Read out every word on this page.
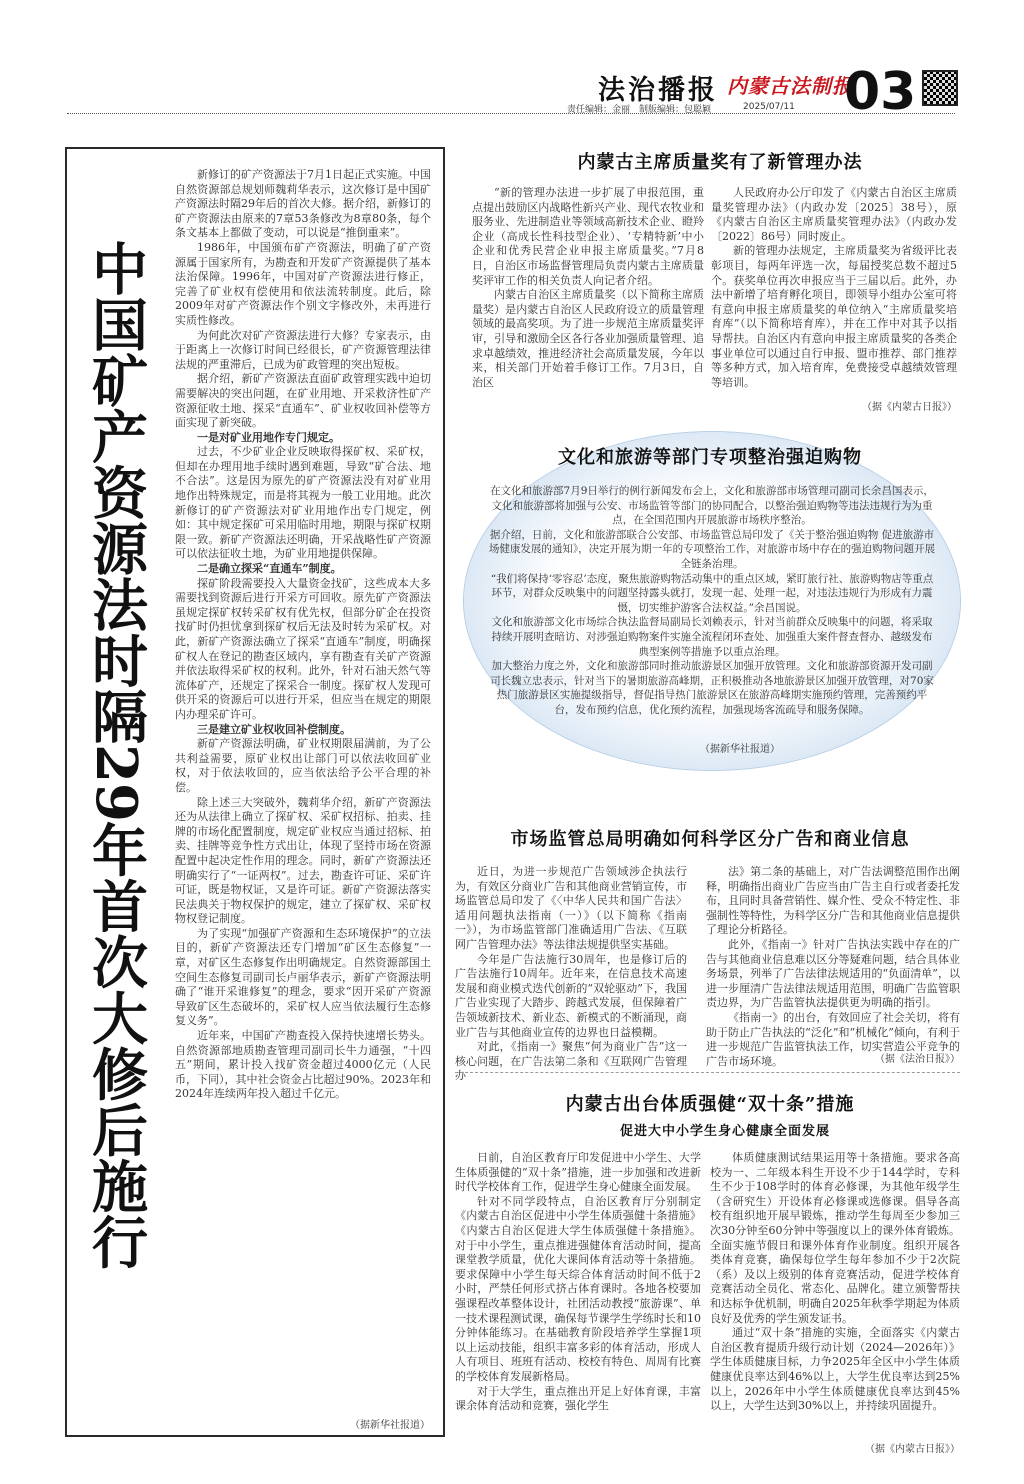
法治播报 内蒙古法制报
03
责任编辑：金丽　制版编辑：包聪颖	2025/07/11
中国矿产资源法时隔29年首次大修后施行

新修订的矿产资源法于7月1日起正式实施。中国自然资源部总规划师魏莉华表示，这次修订是中国矿产资源法时隔29年后的首次大修。据介绍，新修订的矿产资源法由原来的7章53条修改为8章80条，每个条文基本上都做了变动，可以说是“推倒重来”。

1986年，中国颁布矿产资源法，明确了矿产资源属于国家所有，为勘查和开发矿产资源提供了基本法治保障。1996年，中国对矿产资源法进行修正，完善了矿业权有偿使用和依法流转制度。此后，除2009年对矿产资源法作个别文字修改外，未再进行实质性修改。

为何此次对矿产资源法进行大修？专家表示，由于距离上一次修订时间已经很长，矿产资源管理法律法规的严重滞后，已成为矿政管理的突出短板。

据介绍，新矿产资源法直面矿政管理实践中迫切需要解决的突出问题，在矿业用地、开采救济性矿产资源征收土地、探采“直通车”、矿业权收回补偿等方面实现了新突破。

一是对矿业用地作专门规定。

过去，不少矿业企业反映取得探矿权、采矿权，但却在办理用地手续时遇到难题，导致“矿合法、地不合法”。这是因为原先的矿产资源法没有对矿业用地作出特殊规定，而是将其视为一般工业用地。此次新修订的矿产资源法对矿业用地作出专门规定，例如：其中规定探矿可采用临时用地，期限与探矿权期限一致。新矿产资源法还明确，开采战略性矿产资源可以依法征收土地，为矿业用地提供保障。

二是确立探采“直通车”制度。

探矿阶段需要投入大量资金找矿，这些成本大多需要找到资源后进行开采方可回收。原先矿产资源法虽规定探矿权转采矿权有优先权，但部分矿企在投资找矿时仍担忧拿到探矿权后无法及时转为采矿权。对此，新矿产资源法确立了探采“直通车”制度，明确探矿权人在登记的勘查区域内，享有勘查有关矿产资源并依法取得采矿权的权利。此外，针对石油天然气等流体矿产，还规定了探采合一制度。探矿权人发现可供开采的资源后可以进行开采，但应当在规定的期限内办理采矿许可。

三是建立矿业权收回补偿制度。

新矿产资源法明确，矿业权期限届满前，为了公共利益需要，原矿业权出让部门可以依法收回矿业权，对于依法收回的，应当依法给予公平合理的补偿。

除上述三大突破外，魏莉华介绍，新矿产资源法还为从法律上确立了探矿权、采矿权招标、拍卖、挂牌的市场化配置制度，规定矿业权应当通过招标、拍卖、挂牌等竞争性方式出让，体现了坚持市场在资源配置中起决定性作用的理念。同时，新矿产资源法还明确实行了“一证两权”。过去，勘查许可证、采矿许可证，既是物权证，又是许可证。新矿产资源法落实民法典关于物权保护的规定，建立了探矿权、采矿权物权登记制度。

为了实现“加强矿产资源和生态环境保护”的立法目的，新矿产资源法还专门增加“矿区生态修复”一章，对矿区生态修复作出明确规定。自然资源部国土空间生态修复司副司长卢丽华表示，新矿产资源法明确了“谁开采谁修复”的理念，要求“因开采矿产资源导致矿区生态破坏的，采矿权人应当依法履行生态修复义务”。

近年来，中国矿产勘查投入保持快速增长势头。自然资源部地质勘查管理司副司长牛力通强，“十四五”期间，累计投入找矿资金超过4000亿元（人民币，下同），其中社会资金占比超过90%。2023年和2024年连续两年投入超过千亿元。

（据新华社报道）
内蒙古主席质量奖有了新管理办法

“新的管理办法进一步扩展了申报范围，重点提出鼓励区内战略性新兴产业、现代农牧业和服务业、先进制造业等领域高新技术企业、瞪羚企业（高成长性科技型企业）、‘专精特新’中小企业和优秀民营企业申报主席质量奖。”7月8日，自治区市场监督管理局负责内蒙古主席质量奖评审工作的相关负责人向记者介绍。

内蒙古自治区主席质量奖（以下简称主席质量奖）是内蒙古自治区人民政府设立的质量管理领域的最高奖项。为了进一步规范主席质量奖评审，引导和激励全区各行各业加强质量管理、追求卓越绩效，推进经济社会高质量发展，今年以来，相关部门开始着手修订工作。7月3日，自治区

人民政府办公厅印发了《内蒙古自治区主席质量奖管理办法》（内政办发〔2025〕38号），原《内蒙古自治区主席质量奖管理办法》（内政办发〔2022〕86号）同时废止。

新的管理办法规定，主席质量奖为省级评比表彰项目，每两年评选一次，每届授奖总数不超过5个。获奖单位再次申报应当于三届以后。此外，办法中新增了培育孵化项目，即领导小组办公室可将有意向申报主席质量奖的单位纳入“主席质量奖培育库”（以下简称培育库），并在工作中对其予以指导帮扶。自治区内有意向申报主席质量奖的各类企事业单位可以通过自行申报、盟市推荐、部门推荐等多种方式，加入培育库，免费接受卓越绩效管理等培训。

（据《内蒙古日报》）
文化和旅游等部门专项整治强迫购物

在文化和旅游部7月9日举行的例行新闻发布会上，文化和旅游部市场管理司副司长余昌国表示，文化和旅游部将加强与公安、市场监管等部门的协同配合，以整治强迫购物等违法违规行为为重点，在全国范围内开展旅游市场秩序整治。

据介绍，日前，文化和旅游部联合公安部、市场监管总局印发了《关于整治强迫购物 促进旅游市场健康发展的通知》，决定开展为期一年的专项整治工作，对旅游市场中存在的强迫购物问题开展全链条治理。

“我们将保持‘零容忍’态度，聚焦旅游购物活动集中的重点区域，紧盯旅行社、旅游购物店等重点环节，对群众反映集中的问题坚持露头就打，发现一起、处理一起，对违法违规行为形成有力震慑，切实维护游客合法权益。”余昌国说。

文化和旅游部文化市场综合执法监督局副局长刘赖表示，针对当前群众反映集中的问题，将采取持续开展明查暗访、对涉强迫购物案件实施全流程闭环查处、加强重大案件督查督办、越级发布典型案例等措施予以重点治理。

加大整治力度之外，文化和旅游部同时推动旅游景区加强开放管理。文化和旅游部资源开发司副司长魏立忠表示，针对当下的暑期旅游高峰期，正积极推动各地旅游景区加强开放管理，对70家热门旅游景区实施提级指导，督促指导热门旅游景区在旅游高峰期实施预约管理，完善预约平台，发布预约信息，优化预约流程，加强现场客流疏导和服务保障。

（据新华社报道）
市场监管总局明确如何科学区分广告和商业信息

近日，为进一步规范广告领域涉企执法行为，有效区分商业广告和其他商业营销宣传，市场监管总局印发了《〈中华人民共和国广告法〉适用问题执法指南（一）》（以下简称《指南一》），为市场监管部门准确适用广告法、《互联网广告管理办法》等法律法规提供坚实基础。

今年是广告法施行30周年，也是修订后的广告法施行10周年。近年来，在信息技术高速发展和商业模式迭代创新的“双轮驱动”下，我国广告业实现了大踏步、跨越式发展，但保障着广告领域新技术、新业态、新模式的不断涌现，商业广告与其他商业宣传的边界也日益模糊。

对此，《指南一》聚焦“何为商业广告”这一核心问题，在广告法第二条和《互联网广告管理办

法》第二条的基础上，对广告法调整范围作出阐释，明确指出商业广告应当由广告主自行或者委托发布，且同时具备营销性、媒介性、受众不特定性、非强制性等特性，为科学区分广告和其他商业信息提供了理论分析路径。

此外，《指南一》针对广告执法实践中存在的广告与其他商业信息难以区分等疑难问题，结合具体业务场景，列举了广告法律法规适用的“负面清单”，以进一步厘清广告法律法规适用范围，明确广告监管职责边界，为广告监管执法提供更为明确的指引。

《指南一》的出台，有效回应了社会关切，将有助于防止广告执法的“泛化”和“机械化”倾向，有利于进一步规范广告监管执法工作，切实营造公平竞争的广告市场环境。	（据《法治日报》）
内蒙古出台体质强健“双十条”措施
促进大中小学生身心健康全面发展

日前，自治区教育厅印发促进中小学生、大学生体质强健的“双十条”措施，进一步加强和改进新时代学校体育工作，促进学生身心健康全面发展。

针对不同学段特点，自治区教育厅分别制定《内蒙古自治区促进中小学生体质强健十条措施》《内蒙古自治区促进大学生体质强健十条措施》。对于中小学生，重点推进强健体育活动时间，提高课堂教学质量，优化大课间体育活动等十条措施。要求保障中小学生每天综合体育活动时间不低于2小时，严禁任何形式挤占体育课时。各地各校要加强课程改革整体设计，社团活动教授“旅游课”、单一技术课程测试课，确保每节课学生学练时长和10分钟体能练习。在基础教育阶段培养学生掌握1项以上运动技能，组织丰富多彩的体育活动，形成人人有项目、班班有活动、校校有特色、周周有比赛的学校体育发展新格局。

对于大学生，重点推出开足上好体育课，丰富课余体育活动和竞赛，强化学生

体质健康测试结果运用等十条措施。要求各高校为一、二年级本科生开设不少于144学时，专科生不少于108学时的体育必修课，为其他年级学生（含研究生）开设体育必修课或选修课。倡导各高校有组织地开展早锻炼，推动学生每周至少参加三次30分钟至60分钟中等强度以上的课外体育锻炼。全面实施节假日和课外体育作业制度。组织开展各类体育竞赛，确保每位学生每年参加不少于2次院（系）及以上级别的体育竞赛活动，促进学校体育竞赛活动全员化、常态化、品牌化。建立颁警帮扶和达标争优机制，明确自2025年秋季学期起为体质良好及优秀的学生颁发证书。

通过“双十条”措施的实施，全面落实《内蒙古自治区教育提质升级行动计划（2024—2026年）》学生体质健康目标，力争2025年全区中小学生体质健康优良率达到46%以上，大学生优良率达到25%以上，2026年中小学生体质健康优良率达到45%以上，大学生达到30%以上，并持续巩固提升。

（据《内蒙古日报》）
